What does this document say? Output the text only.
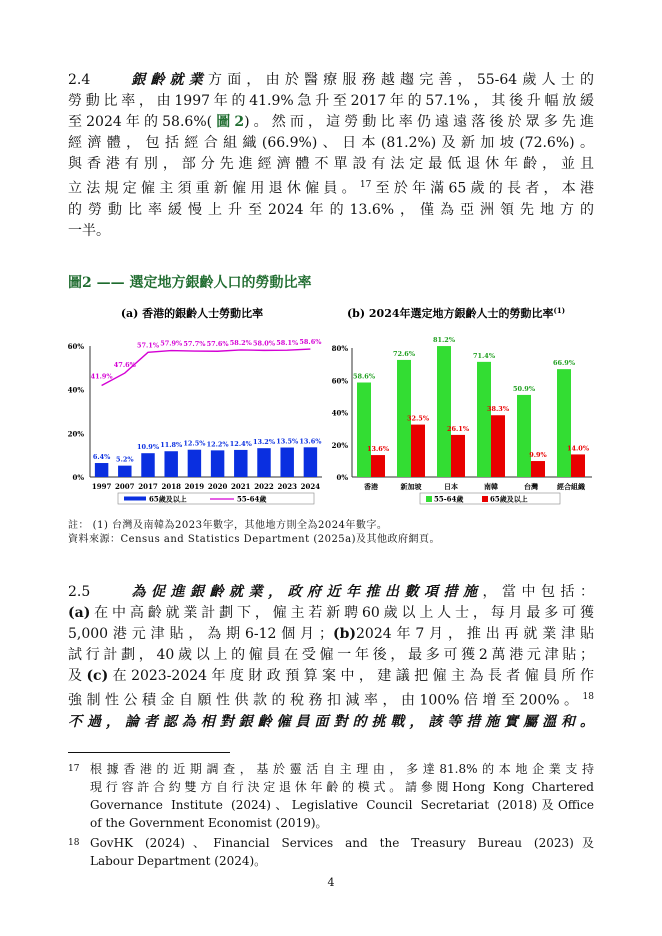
2.4	銀齡就業方面，由於醫療服務越趨完善，55-64歲人士的
勞動比率，由1997年的41.9%急升至2017年的57.1%，其後升幅放緩
至2024年的58.6%(圖2)。然而，這勞動比率仍遠遠落後於眾多先進
經濟體，包括經合組織(66.9%)、日本(81.2%)及新加坡(72.6%)。
與香港有別，部分先進經濟體不單設有法定最低退休年齡，並且
立法規定僱主須重新僱用退休僱員。$^{17}$至於年滿65歲的長者，本港
的勞動比率緩慢上升至2024年的13.6%，僅為亞洲領先地方的
一半。
圖2 —— 選定地方銀齡人口的勞動比率
(a) 香港的銀齡人士勞動比率	(b) 2024年選定地方銀齡人士的勞動比率$^{(1)}$
0%
20%
40%
60%
6.4% 5.2%
10.9% 11.8% 12.5% 12.2% 12.4% 13.2% 13.5% 13.6%
41.9%
47.6%
57.1% 57.9% 57.7% 57.6% 58.2% 58.0% 58.1% 58.6%
1997 2007 2017 2018 2019 2020 2021 2022 2023 2024
65歲及以上	55-64歲
0%
20%
40%
60%
80%
58.6%
13.6%
香港
72.6%
32.5%
新加坡
81.2%
26.1%
日本
71.4%
38.3%
南韓
50.9%
9.9%
台灣
66.9%
14.0%
經合組織
55-64歲	65歲及以上
註： (1) 台灣及南韓為2023年數字，其他地方則全為2024年數字。
資料來源：Census and Statistics Department (2025a)及其他政府網頁。
2.5	為促進銀齡就業，政府近年推出數項措施，當中包括：
(a)在中高齡就業計劃下，僱主若新聘60歲以上人士，每月最多可獲
5,000港元津貼，為期6-12個月；(b)2024年7月，推出再就業津貼
試行計劃，40歲以上的僱員在受僱一年後，最多可獲2萬港元津貼；
及(c)在2023-2024年度財政預算案中，建議把僱主為長者僱員所作
強制性公積金自願性供款的稅務扣減率，由100%倍增至200%。$^{18}$
不過，論者認為相對銀齡僱員面對的挑戰，該等措施實屬溫和。
17 根據香港的近期調查，基於靈活自主理由，多達81.8%的本地企業支持
現行容許合約雙方自行決定退休年齡的模式。請參閱Hong Kong Chartered
Governance Institute (2024)、Legislative Council Secretariat (2018)及Office
of the Government Economist (2019)。
18 GovHK (2024)、Financial Services and the Treasury Bureau (2023)及
Labour Department (2024)。
4
